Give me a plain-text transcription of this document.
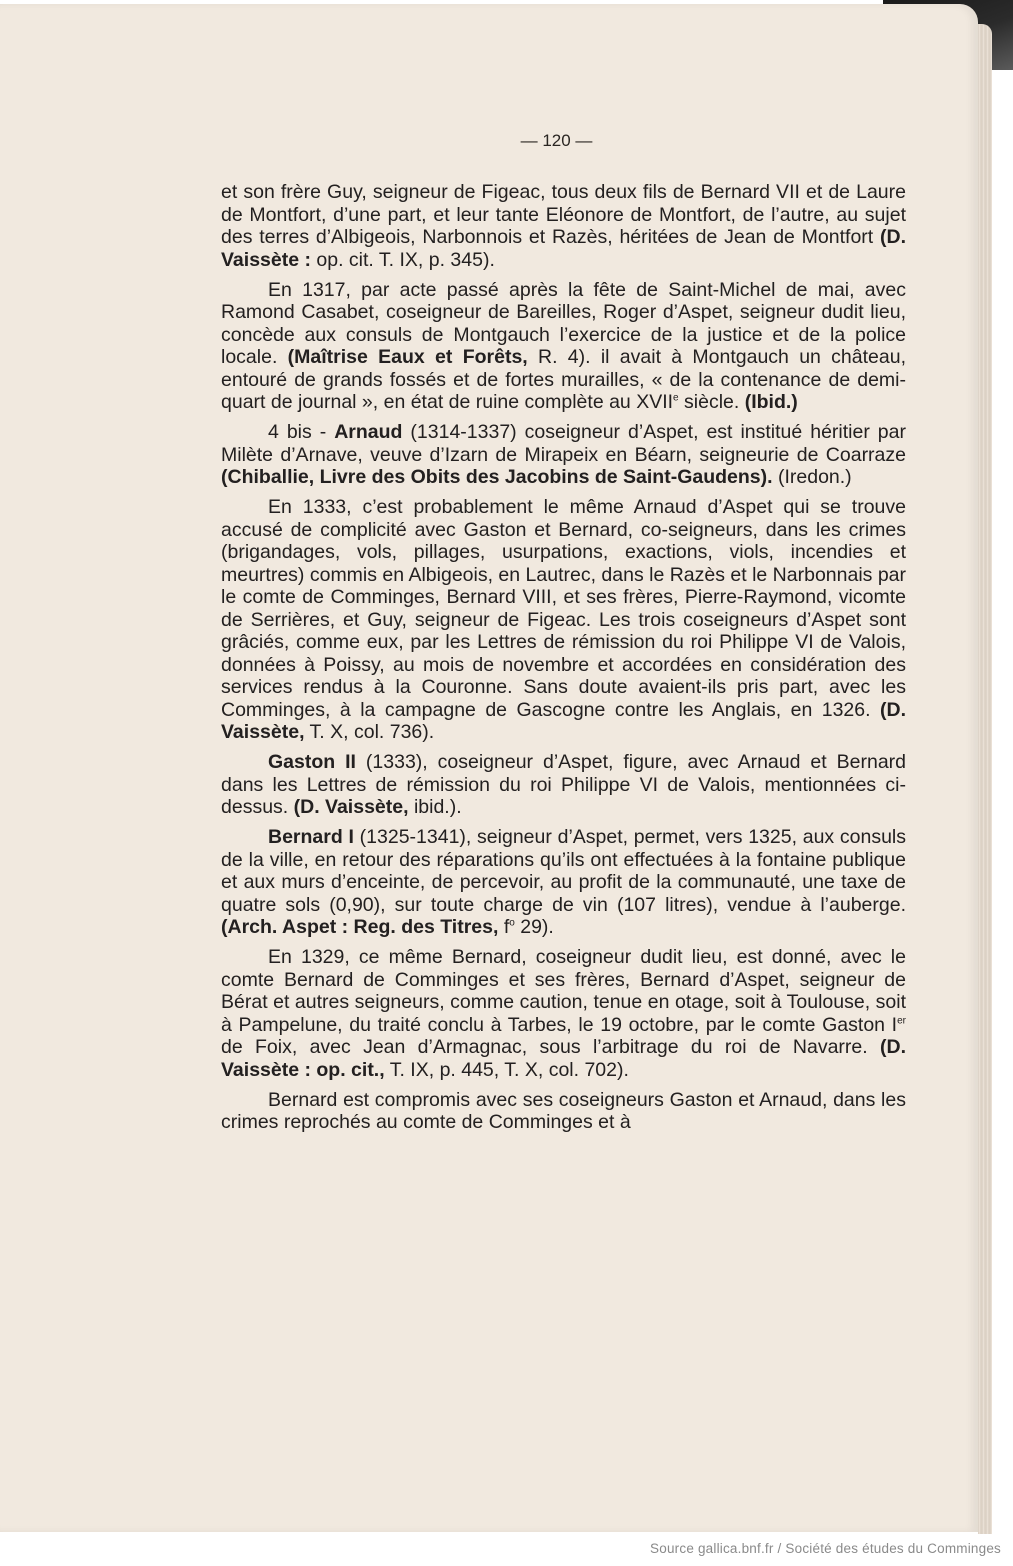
— 120 —

et son frère Guy, seigneur de Figeac, tous deux fils de Bernard VII et de Laure de Montfort, d’une part, et leur tante Eléonore de Montfort, de l’autre, au sujet des terres d’Albigeois, Narbonnois et Razès, héritées de Jean de Montfort (D. Vaissète : op. cit. T. IX, p. 345).

En 1317, par acte passé après la fête de Saint-Michel de mai, avec Ramond Casabet, coseigneur de Bareilles, Roger d’Aspet, seigneur dudit lieu, concède aux consuls de Montgauch l’exercice de la justice et de la police locale. (Maîtrise Eaux et Forêts, R. 4). il avait à Montgauch un château, entouré de grands fossés et de fortes murailles, « de la contenance de demi-quart de journal », en état de ruine complète au XVIIe siècle. (Ibid.)

4 bis - Arnaud (1314-1337) coseigneur d’Aspet, est institué héritier par Milète d’Arnave, veuve d’Izarn de Mirapeix en Béarn, seigneurie de Coarraze (Chiballie, Livre des Obits des Jacobins de Saint-Gaudens). (Iredon.)

En 1333, c’est probablement le même Arnaud d’Aspet qui se trouve accusé de complicité avec Gaston et Bernard, co-seigneurs, dans les crimes (brigandages, vols, pillages, usurpations, exactions, viols, incendies et meurtres) commis en Albigeois, en Lautrec, dans le Razès et le Narbonnais par le comte de Comminges, Bernard VIII, et ses frères, Pierre-Raymond, vicomte de Serrières, et Guy, seigneur de Figeac. Les trois coseigneurs d’Aspet sont grâciés, comme eux, par les Lettres de rémission du roi Philippe VI de Valois, données à Poissy, au mois de novembre et accordées en considération des services rendus à la Couronne. Sans doute avaient-ils pris part, avec les Comminges, à la campagne de Gascogne contre les Anglais, en 1326. (D. Vaissète, T. X, col. 736).

Gaston II (1333), coseigneur d’Aspet, figure, avec Arnaud et Bernard dans les Lettres de rémission du roi Philippe VI de Valois, mentionnées ci-dessus. (D. Vaissète, ibid.).

Bernard I (1325-1341), seigneur d’Aspet, permet, vers 1325, aux consuls de la ville, en retour des réparations qu’ils ont effectuées à la fontaine publique et aux murs d’enceinte, de percevoir, au profit de la communauté, une taxe de quatre sols (0,90), sur toute charge de vin (107 litres), vendue à l’auberge. (Arch. Aspet : Reg. des Titres, $f^o$ 29).

En 1329, ce même Bernard, coseigneur dudit lieu, est donné, avec le comte Bernard de Comminges et ses frères, Bernard d’Aspet, seigneur de Bérat et autres seigneurs, comme caution, tenue en otage, soit à Toulouse, soit à Pampelune, du traité conclu à Tarbes, le 19 octobre, par le comte Gaston Ier de Foix, avec Jean d’Armagnac, sous l’arbitrage du roi de Navarre. (D. Vaissète : op. cit., T. IX, p. 445, T. X, col. 702).

Bernard est compromis avec ses coseigneurs Gaston et Arnaud, dans les crimes reprochés au comte de Comminges et à

Source gallica.bnf.fr / Société des études du Comminges
